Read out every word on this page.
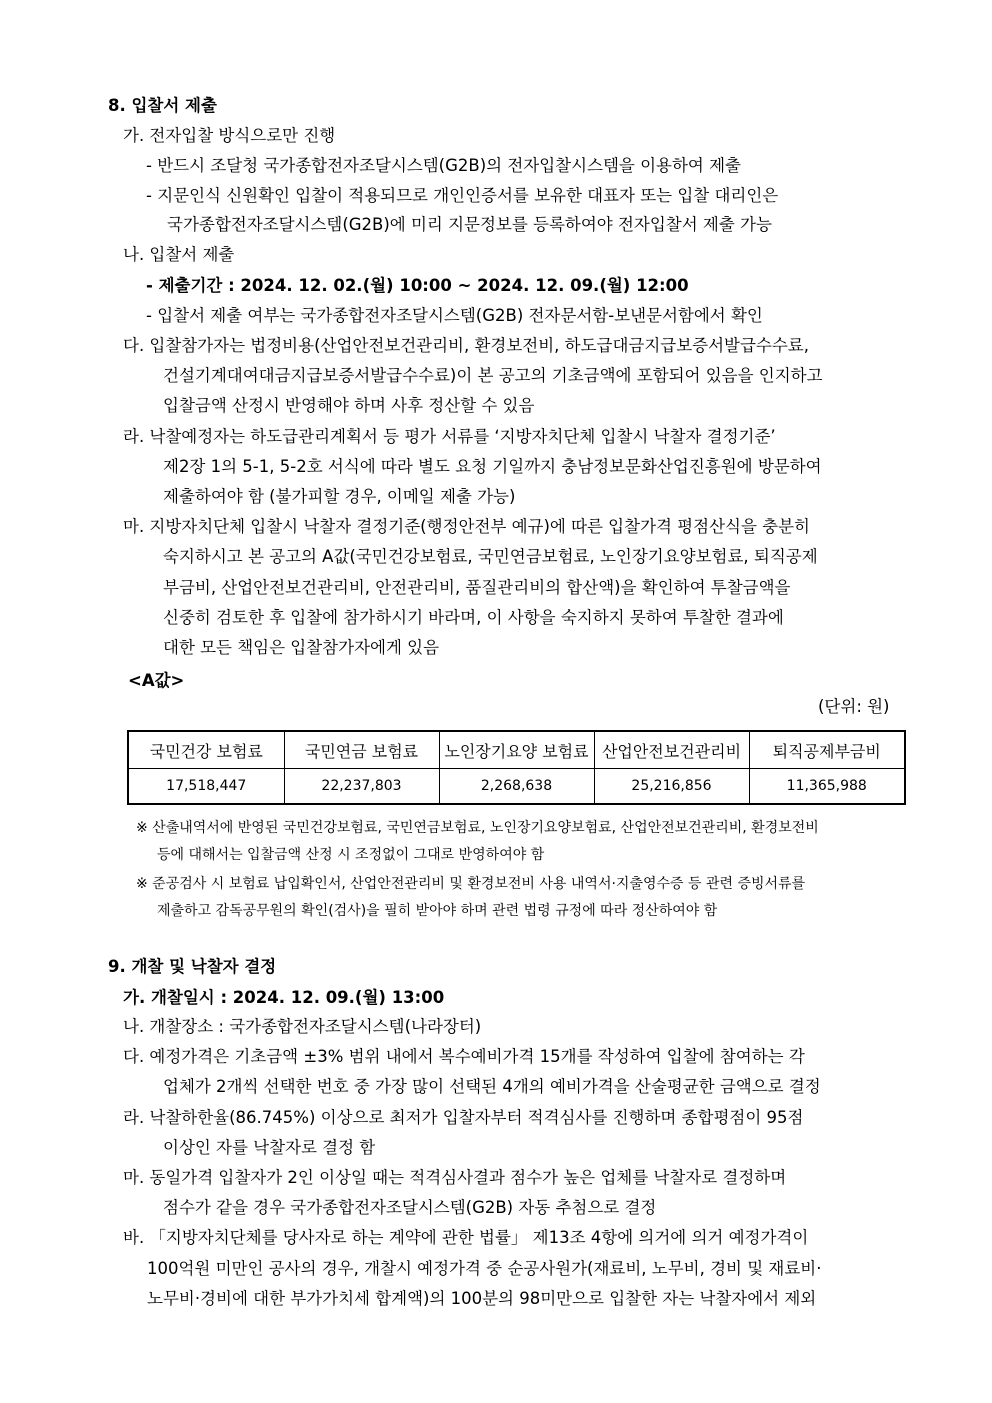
8. 입찰서 제출
가. 전자입찰 방식으로만 진행
- 반드시 조달청 국가종합전자조달시스템(G2B)의 전자입찰시스템을 이용하여 제출
- 지문인식 신원확인 입찰이 적용되므로 개인인증서를 보유한 대표자 또는 입찰 대리인은
국가종합전자조달시스템(G2B)에 미리 지문정보를 등록하여야 전자입찰서 제출 가능
나. 입찰서 제출
- 제출기간 : 2024. 12. 02.(월) 10:00 ~ 2024. 12. 09.(월) 12:00
- 입찰서 제출 여부는 국가종합전자조달시스템(G2B) 전자문서함-보낸문서함에서 확인
다. 입찰참가자는 법정비용(산업안전보건관리비, 환경보전비, 하도급대금지급보증서발급수수료,
건설기계대여대금지급보증서발급수수료)이 본 공고의 기초금액에 포함되어 있음을 인지하고
입찰금액 산정시 반영해야 하며 사후 정산할 수 있음
라. 낙찰예정자는 하도급관리계획서 등 평가 서류를 ‘지방자치단체 입찰시 낙찰자 결정기준’
제2장 1의 5-1, 5-2호 서식에 따라 별도 요청 기일까지 충남정보문화산업진흥원에 방문하여
제출하여야 함 (불가피할 경우, 이메일 제출 가능)
마. 지방자치단체 입찰시 낙찰자 결정기준(행정안전부 예규)에 따른 입찰가격 평점산식을 충분히
숙지하시고 본 공고의 A값(국민건강보험료, 국민연금보험료, 노인장기요양보험료, 퇴직공제
부금비, 산업안전보건관리비, 안전관리비, 품질관리비의 합산액)을 확인하여 투찰금액을
신중히 검토한 후 입찰에 참가하시기 바라며, 이 사항을 숙지하지 못하여 투찰한 결과에
대한 모든 책임은 입찰참가자에게 있음
<A값>
(단위: 원)
국민건강 보험료	국민연금 보험료	노인장기요양 보험료	산업안전보건관리비	퇴직공제부금비
17,518,447	22,237,803	2,268,638	25,216,856	11,365,988
※ 산출내역서에 반영된 국민건강보험료, 국민연금보험료, 노인장기요양보험료, 산업안전보건관리비, 환경보전비
등에 대해서는 입찰금액 산정 시 조정없이 그대로 반영하여야 함
※ 준공검사 시 보험료 납입확인서, 산업안전관리비 및 환경보전비 사용 내역서·지출영수증 등 관련 증빙서류를
제출하고 감독공무원의 확인(검사)을 필히 받아야 하며 관련 법령 규정에 따라 정산하여야 함
9. 개찰 및 낙찰자 결정
가. 개찰일시 : 2024. 12. 09.(월) 13:00
나. 개찰장소 : 국가종합전자조달시스템(나라장터)
다. 예정가격은 기초금액 ±3% 범위 내에서 복수예비가격 15개를 작성하여 입찰에 참여하는 각
업체가 2개씩 선택한 번호 중 가장 많이 선택된 4개의 예비가격을 산술평균한 금액으로 결정
라. 낙찰하한율(86.745%) 이상으로 최저가 입찰자부터 적격심사를 진행하며 종합평점이 95점
이상인 자를 낙찰자로 결정 함
마. 동일가격 입찰자가 2인 이상일 때는 적격심사결과 점수가 높은 업체를 낙찰자로 결정하며
점수가 같을 경우 국가종합전자조달시스템(G2B) 자동 추첨으로 결정
바. 「지방자치단체를 당사자로 하는 계약에 관한 법률」 제13조 4항에 의거에 의거 예정가격이
100억원 미만인 공사의 경우, 개찰시 예정가격 중 순공사원가(재료비, 노무비, 경비 및 재료비·
노무비·경비에 대한 부가가치세 합계액)의 100분의 98미만으로 입찰한 자는 낙찰자에서 제외
